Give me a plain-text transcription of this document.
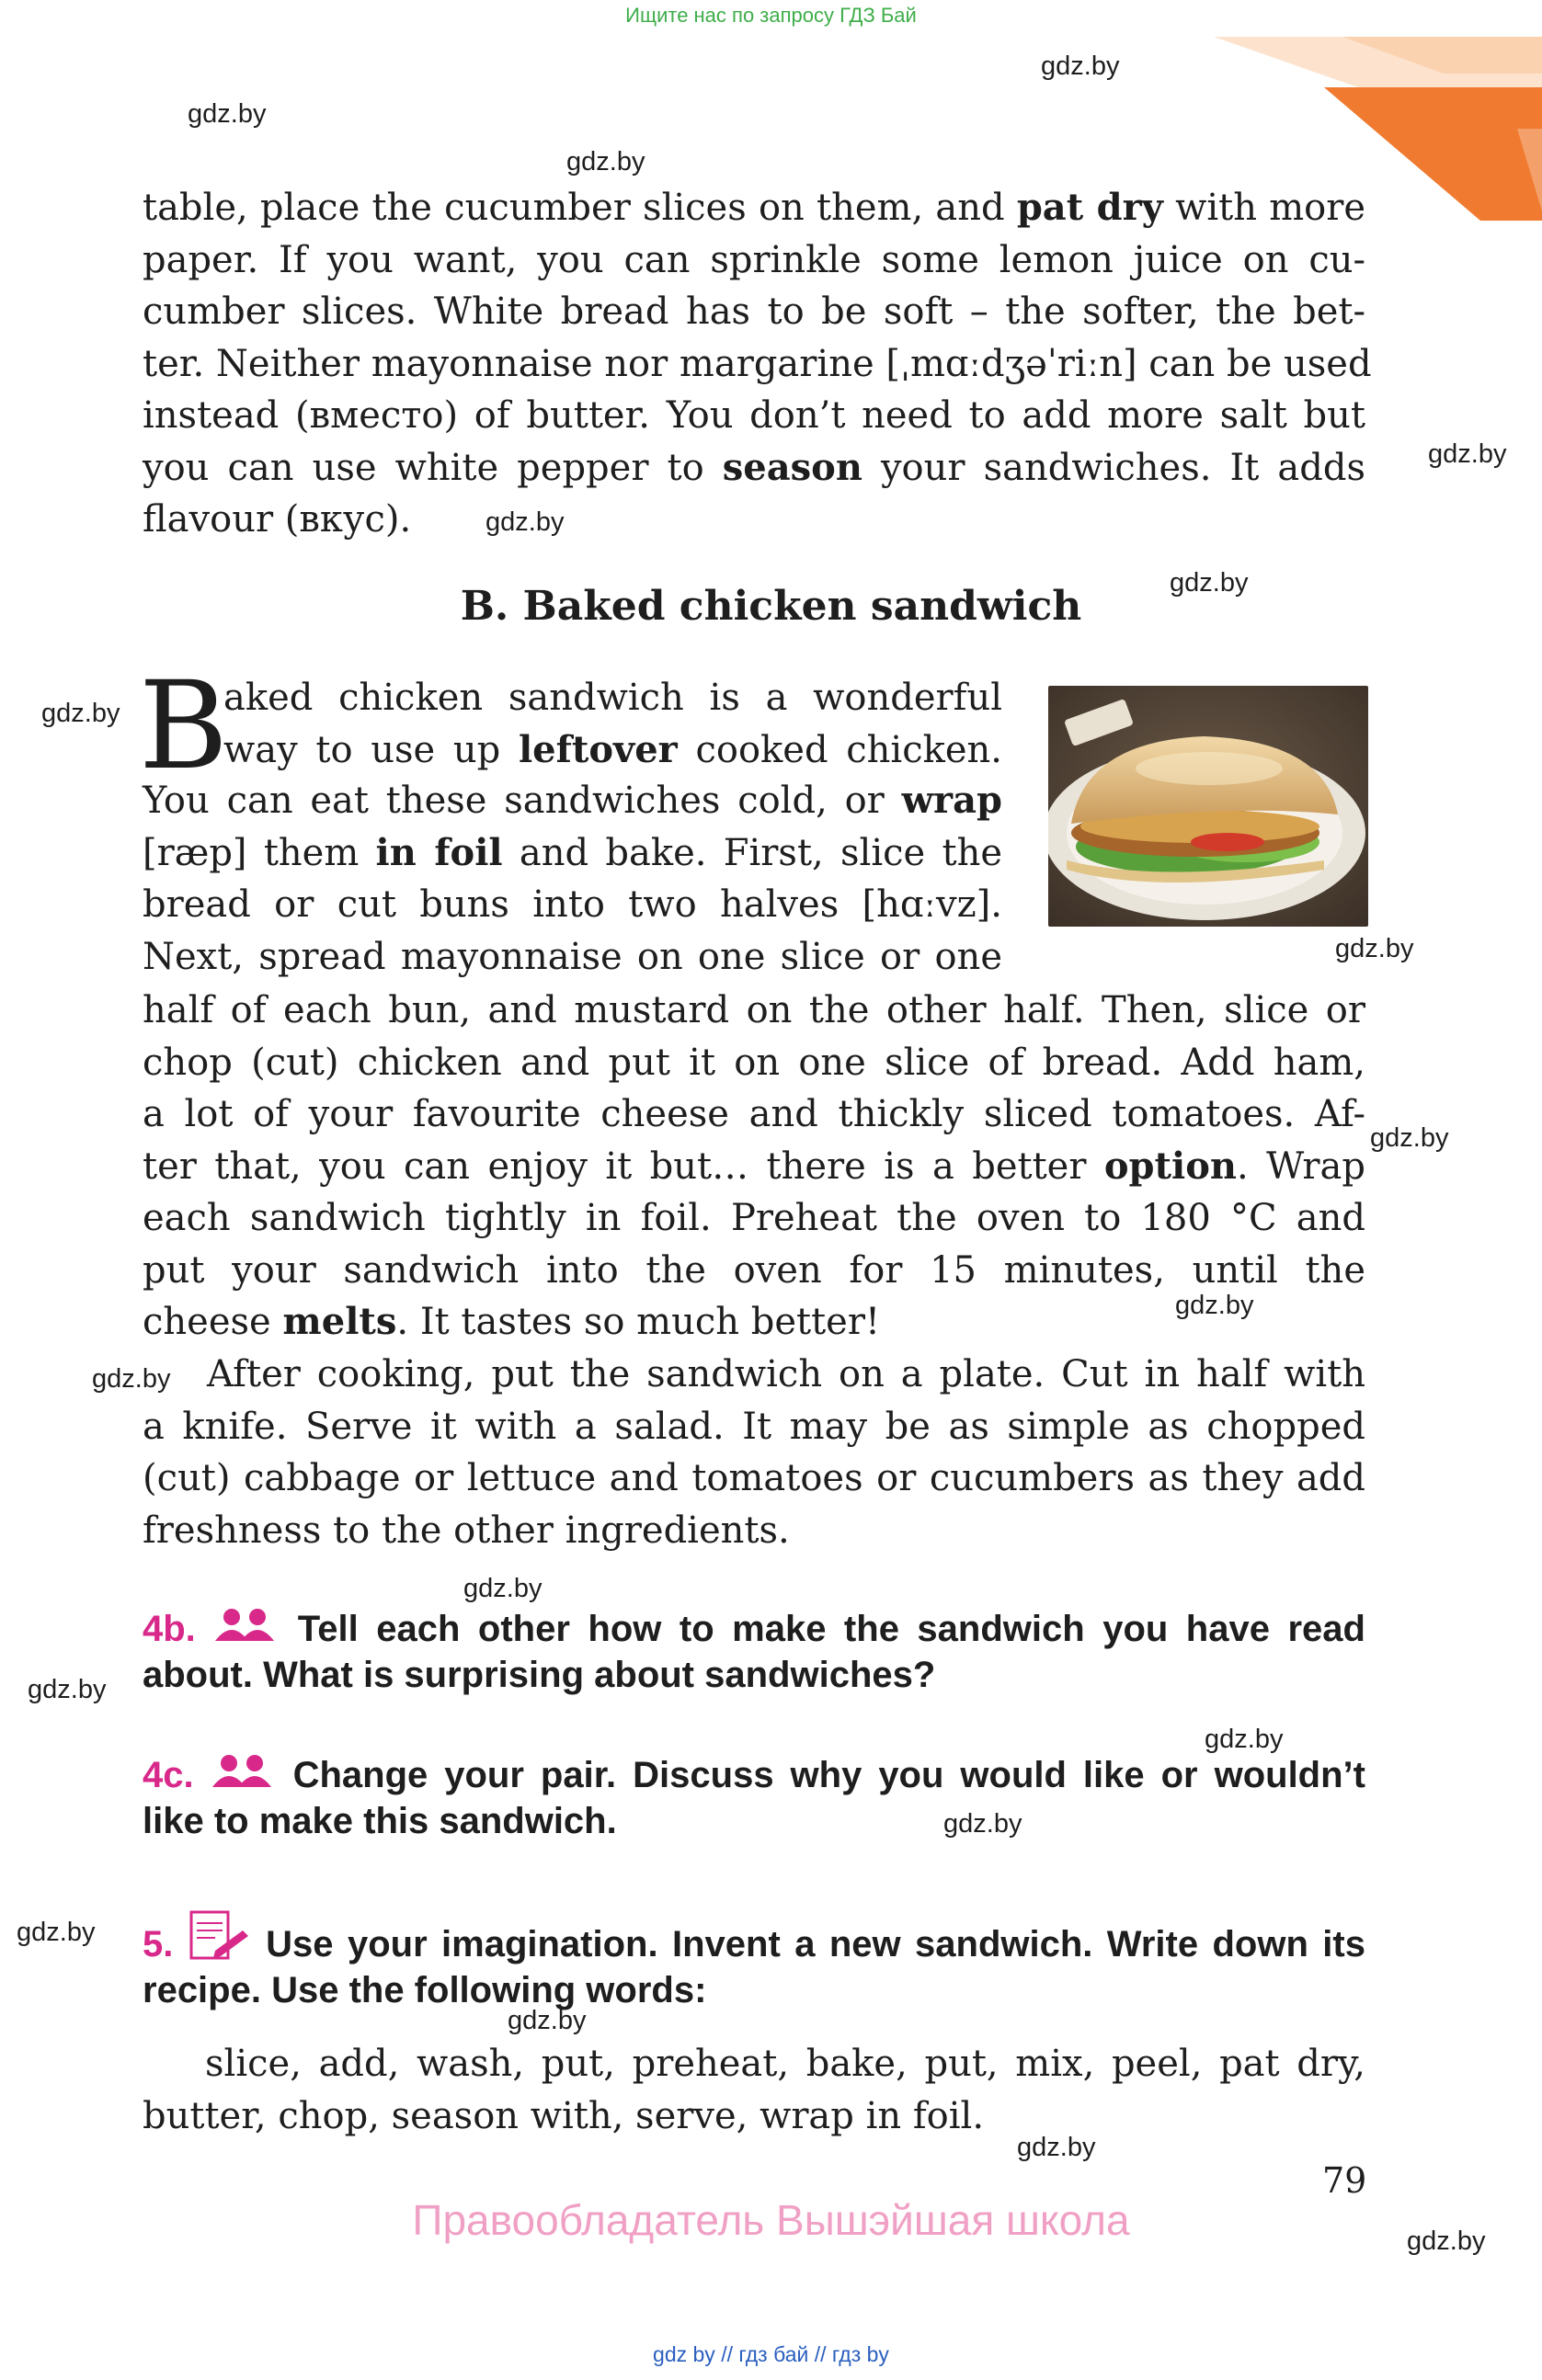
Ищите нас по запросу ГДЗ Бай
gdz.by
gdz.by
gdz.by
gdz.by
gdz.by
gdz.by
gdz.by
gdz.by
gdz.by
gdz.by
gdz.by
gdz.by
gdz.by
gdz.by
gdz.by
gdz.by
gdz.by
gdz.by
gdz.by
table, place the cucumber slices on them, and pat dry with more
paper. If you want, you can sprinkle some lemon juice on cu-
cumber slices. White bread has to be soft – the softer, the bet-
ter. Neither mayonnaise nor margarine [ˌmɑːdʒəˈriːn] can be used
instead (вместо) of butter. You don’t need to add more salt but
you can use white pepper to season your sandwiches. It adds
flavour (вкус).
B. Baked chicken sandwich
B
aked chicken sandwich is a wonderful
way to use up leftover cooked chicken.
You can eat these sandwiches cold, or wrap
[ræp] them in foil and bake. First, slice the
bread or cut buns into two halves [hɑːvz].
Next, spread mayonnaise on one slice or one
half of each bun, and mustard on the other half. Then, slice or
chop (cut) chicken and put it on one slice of bread. Add ham,
a lot of your favourite cheese and thickly sliced tomatoes. Af-
ter that, you can enjoy it but… there is a better option. Wrap
each sandwich tightly in foil. Preheat the oven to 180 °C and
put your sandwich into the oven for 15 minutes, until the
cheese melts. It tastes so much better!
After cooking, put the sandwich on a plate. Cut in half with
a knife. Serve it with a salad. It may be as simple as chopped
(cut) cabbage or lettuce and tomatoes or cucumbers as they add
freshness to the other ingredients.
4b.	Tell each other how to make the sandwich you have read
about. What is surprising about sandwiches?
4c.	Change your pair. Discuss why you would like or wouldn’t
like to make this sandwich.
5.	Use your imagination. Invent a new sandwich. Write down its
recipe. Use the following words:
slice, add, wash, put, preheat, bake, put, mix, peel, pat dry,
butter, chop, season with, serve, wrap in foil.
79
Правообладатель Вышэйшая школа
gdz by // гдз бай // гдз by
